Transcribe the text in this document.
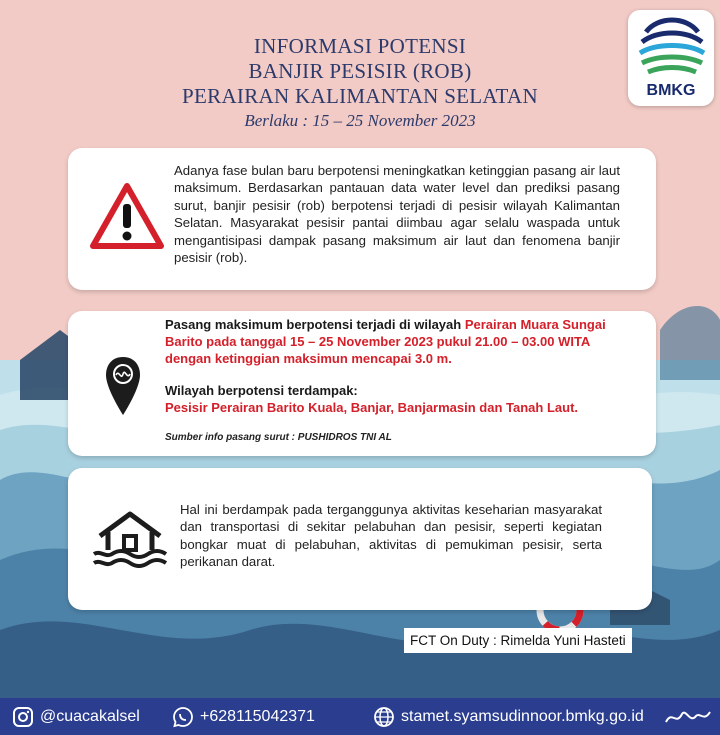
BMKG
INFORMASI POTENSI
BANJIR PESISIR (ROB)
PERAIRAN KALIMANTAN SELATAN
Berlaku : 15 – 25 November 2023
Adanya fase bulan baru berpotensi meningkatkan ketinggian pasang air laut maksimum. Berdasarkan pantauan data water level dan prediksi pasang surut, banjir pesisir (rob) berpotensi terjadi di pesisir wilayah Kalimantan Selatan. Masyarakat pesisir pantai diimbau agar selalu waspada untuk mengantisipasi dampak pasang maksimum air laut dan fenomena banjir pesisir (rob).
Pasang maksimum berpotensi terjadi di wilayah Perairan Muara Sungai Barito pada tanggal 15 – 25 November 2023 pukul 21.00 – 03.00 WITA dengan ketinggian maksimun mencapai 3.0 m.
Wilayah berpotensi terdampak:
Pesisir Perairan Barito Kuala, Banjar, Banjarmasin dan Tanah Laut.
Sumber info pasang surut : PUSHIDROS TNI AL
Hal ini berdampak pada terganggunya aktivitas keseharian masyarakat dan transportasi di sekitar pelabuhan dan pesisir, seperti kegiatan bongkar muat di pelabuhan, aktivitas di pemukiman pesisir, serta perikanan darat.
FCT On Duty : Rimelda Yuni Hasteti
@cuacakalsel	+628115042371	stamet.syamsudinnoor.bmkg.go.id
